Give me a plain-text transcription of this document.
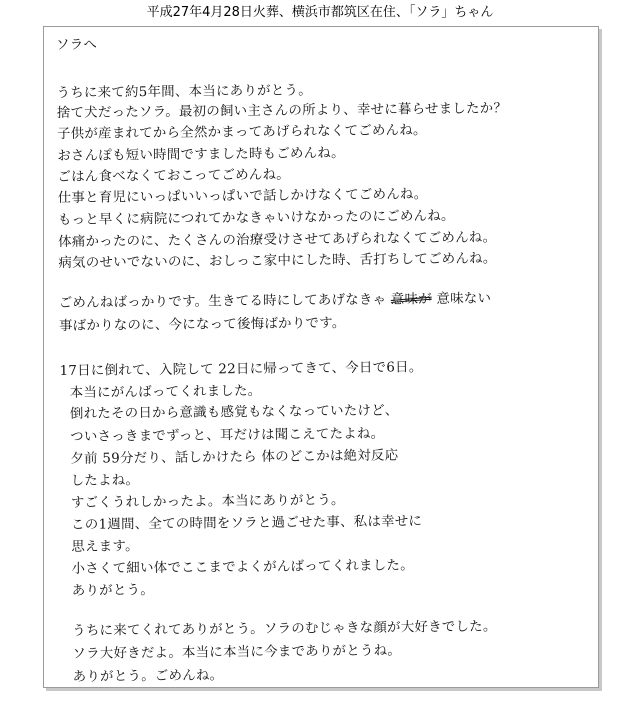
平成27年4月28日火葬、横浜市都筑区在住、「ソラ」ちゃん
ソラへ
うちに来て約5年間、本当にありがとう。
捨て犬だったソラ。最初の飼い主さんの所より、幸せに暮らせましたか？
子供が産まれてから全然かまってあげられなくてごめんね。
おさんぽも短い時間ですました時もごめんね。
ごはん食べなくておこってごめんね。
仕事と育児にいっぱいいっぱいで話しかけなくてごめんね。
もっと早くに病院につれてかなきゃいけなかったのにごめんね。
体痛かったのに、たくさんの治療受けさせてあげられなくてごめんね。
病気のせいでないのに、おしっこ家中にした時、舌打ちしてごめんね。
ごめんねばっかりです。生きてる時にしてあげなきゃ 意味が 意味ない
事ばかりなのに、今になって後悔ばかりです。
17日に倒れて、入院して 22日に帰ってきて、今日で6日。
本当にがんばってくれました。
倒れたその日から意識も感覚もなくなっていたけど、
ついさっきまでずっと、耳だけは聞こえてたよね。
夕前 59分だり、話しかけたら 体のどこかは絶対反応
したよね。
すごくうれしかったよ。本当にありがとう。
この1週間、全ての時間をソラと過ごせた事、私は幸せに
思えます。
小さくて細い体でここまでよくがんばってくれました。
ありがとう。
うちに来てくれてありがとう。ソラのむじゃきな顔が大好きでした。
ソラ大好きだよ。本当に本当に今までありがとうね。
ありがとう。ごめんね。
